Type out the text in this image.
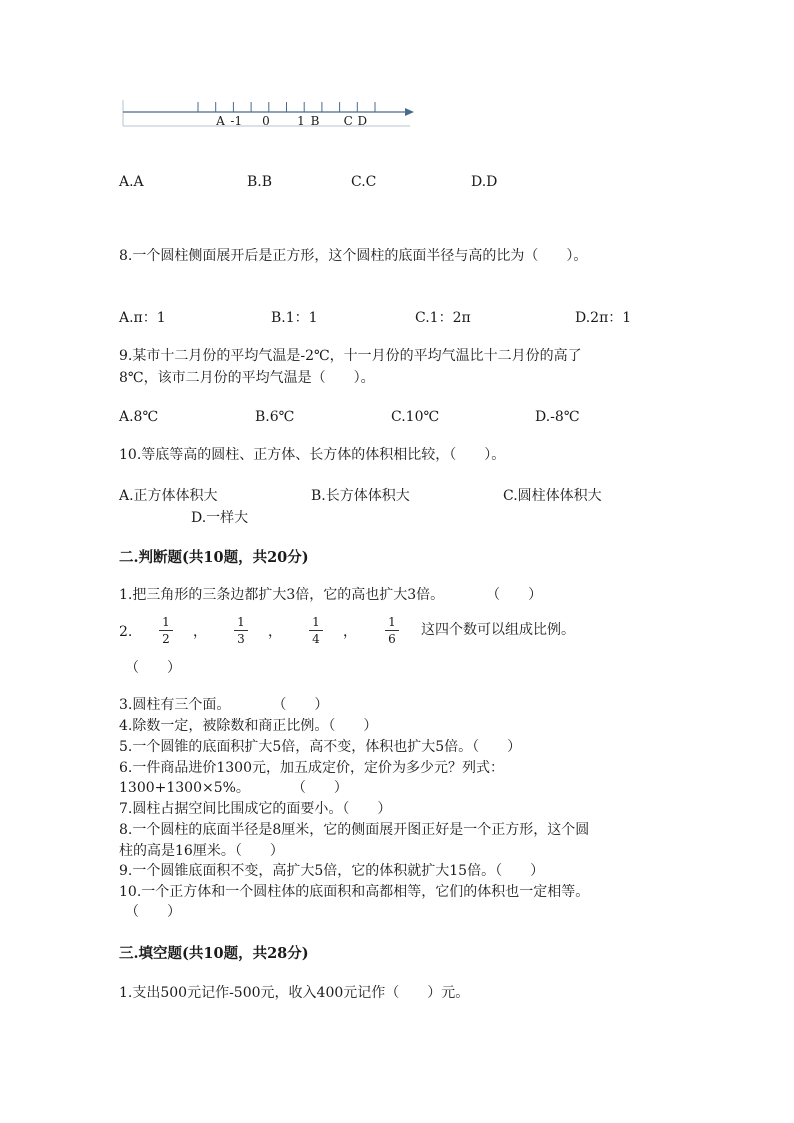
A -1 0 1 B C D
A.A	B.B	C.C	D.D
8.一个圆柱侧面展开后是正方形，这个圆柱的底面半径与高的比为（　　）。
A.π：1	B.1：1	C.1：2π	D.2π：1
9.某市十二月份的平均气温是-2℃，十一月份的平均气温比十二月份的高了
8℃，该市二月份的平均气温是（　　）。
A.8℃	B.6℃	C.10℃	D.-8℃
10.等底等高的圆柱、正方体、长方体的体积相比较，（　　）。
A.正方体体积大	B.长方体体积大	C.圆柱体体积大
D.一样大
二.判断题(共10题，共20分)
1.把三角形的三条边都扩大3倍，它的高也扩大3倍。　　　　（　　）
2.
1
2 ，
1
3 ，
1
4 ，
1
6
这四个数可以组成比例。
（　　）
3.圆柱有三个面。　　　　（　　）
4.除数一定，被除数和商正比例。（　　）
5.一个圆锥的底面积扩大5倍，高不变，体积也扩大5倍。（　　）
6.一件商品进价1300元，加五成定价，定价为多少元？列式：
1300+1300×5%。　　　　（　　）
7.圆柱占据空间比围成它的面要小。（　　）
8.一个圆柱的底面半径是8厘米，它的侧面展开图正好是一个正方形，这个圆
柱的高是16厘米。（　　）
9.一个圆锥底面积不变，高扩大5倍，它的体积就扩大15倍。（　　）
10.一个正方体和一个圆柱体的底面积和高都相等，它们的体积也一定相等。
（　　）
三.填空题(共10题，共28分)
1.支出500元记作-500元，收入400元记作（　　）元。
